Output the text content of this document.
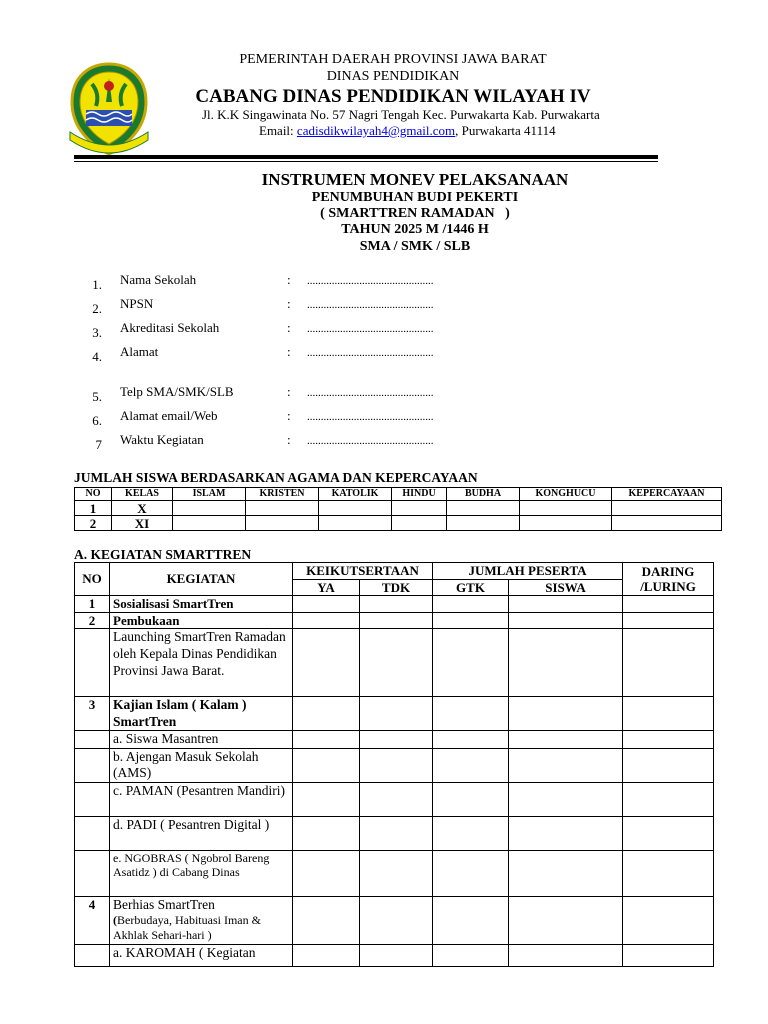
PEMERINTAH DAERAH PROVINSI JAWA BARAT
DINAS PENDIDIKAN
CABANG DINAS PENDIDIKAN WILAYAH IV
Jl. K.K Singawinata No. 57 Nagri Tengah Kec. Purwakarta Kab. Purwakarta
Email: cadisdikwilayah4@gmail.com, Purwakarta 41114
INSTRUMEN MONEV PELAKSANAAN
PENUMBUHAN BUDI PEKERTI
( SMARTTREN RAMADAN   )
TAHUN 2025 M /1446 H
SMA / SMK / SLB
1. Nama Sekolah	: ..............................................
2. NPSN	: ..............................................
3. Akreditasi Sekolah	: ..............................................
4. Alamat	: ..............................................
5. Telp SMA/SMK/SLB	: ..............................................
6. Alamat email/Web	: ..............................................
7 Waktu Kegiatan	: ..............................................
JUMLAH SISWA BERDASARKAN AGAMA DAN KEPERCAYAAN
NO	KELAS	ISLAM	KRISTEN	KATOLIK	HINDU	BUDHA	KONGHUCU	KEPERCAYAAN
1	X							
2	XI							
A. KEGIATAN SMARTTREN
NO	KEGIATAN	KEIKUTSERTAAN		JUMLAH PESERTA		DARING
/LURING
		YA	TDK	GTK	SISWA	
1	Sosialisasi SmartTren					
2	Pembukaan					
	Launching SmartTren Ramadan oleh Kepala Dinas Pendidikan Provinsi Jawa Barat.					
3	Kajian Islam ( Kalam ) SmartTren					
	a. Siswa Masantren					
	b. Ajengan Masuk Sekolah (AMS)					
	c. PAMAN (Pesantren Mandiri)					
	d. PADI ( Pesantren Digital )					
	e. NGOBRAS ( Ngobrol Bareng Asatidz ) di Cabang Dinas					
4	Berhias SmartTren
(Berbudaya, Habituasi Iman & Akhlak Sehari-hari )					

	a. KAROMAH ( Kegiatan					
